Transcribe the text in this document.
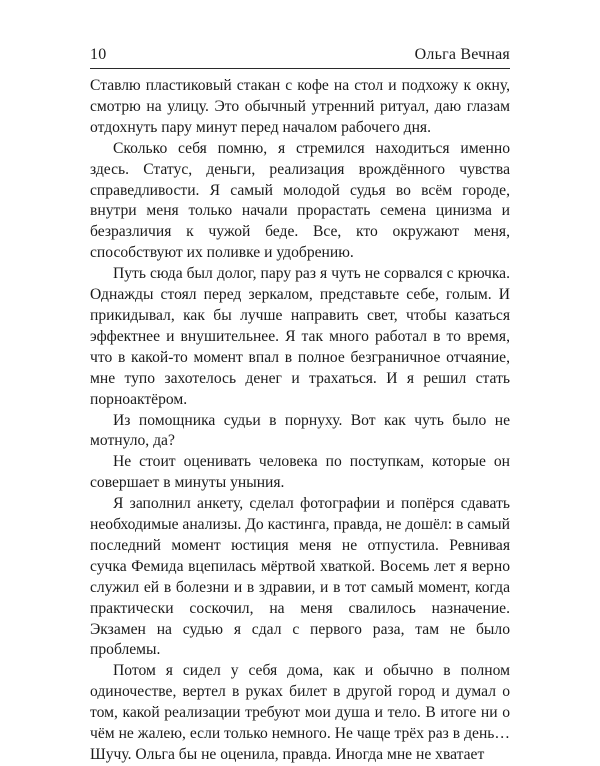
10	Ольга Вечная

Ставлю пластиковый стакан с кофе на стол и подхожу к окну, смотрю на улицу. Это обычный утренний ритуал, даю глазам отдохнуть пару минут перед началом рабочего дня.

Сколько себя помню, я стремился находиться именно здесь. Статус, деньги, реализация врождённого чувства справедливости. Я самый молодой судья во всём городе, внутри меня только начали прорастать семена цинизма и безразличия к чужой беде. Все, кто окружают меня, способствуют их поливке и удобрению.

Путь сюда был долог, пару раз я чуть не сорвался с крючка. Однажды стоял перед зеркалом, представьте себе, голым. И прикидывал, как бы лучше направить свет, чтобы казаться эффектнее и внушительнее. Я так много работал в то время, что в какой-то момент впал в полное безграничное отчаяние, мне тупо захотелось денег и трахаться. И я решил стать порноактёром.

Из помощника судьи в порнуху. Вот как чуть было не мотнуло, да?

Не стоит оценивать человека по поступкам, которые он совершает в минуты уныния.

Я заполнил анкету, сделал фотографии и попёрся сдавать необходимые анализы. До кастинга, правда, не дошёл: в самый последний момент юстиция меня не отпустила. Ревнивая сучка Фемида вцепилась мёртвой хваткой. Восемь лет я верно служил ей в болезни и в здравии, и в тот самый момент, когда практически соскочил, на меня свалилось назначение. Экзамен на судью я сдал с первого раза, там не было проблемы.

Потом я сидел у себя дома, как и обычно в полном одиночестве, вертел в руках билет в другой город и думал о том, какой реализации требуют мои душа и тело. В итоге ни о чём не жалею, если только немного. Не чаще трёх раз в день… Шучу. Ольга бы не оценила, правда. Иногда мне не хватает
